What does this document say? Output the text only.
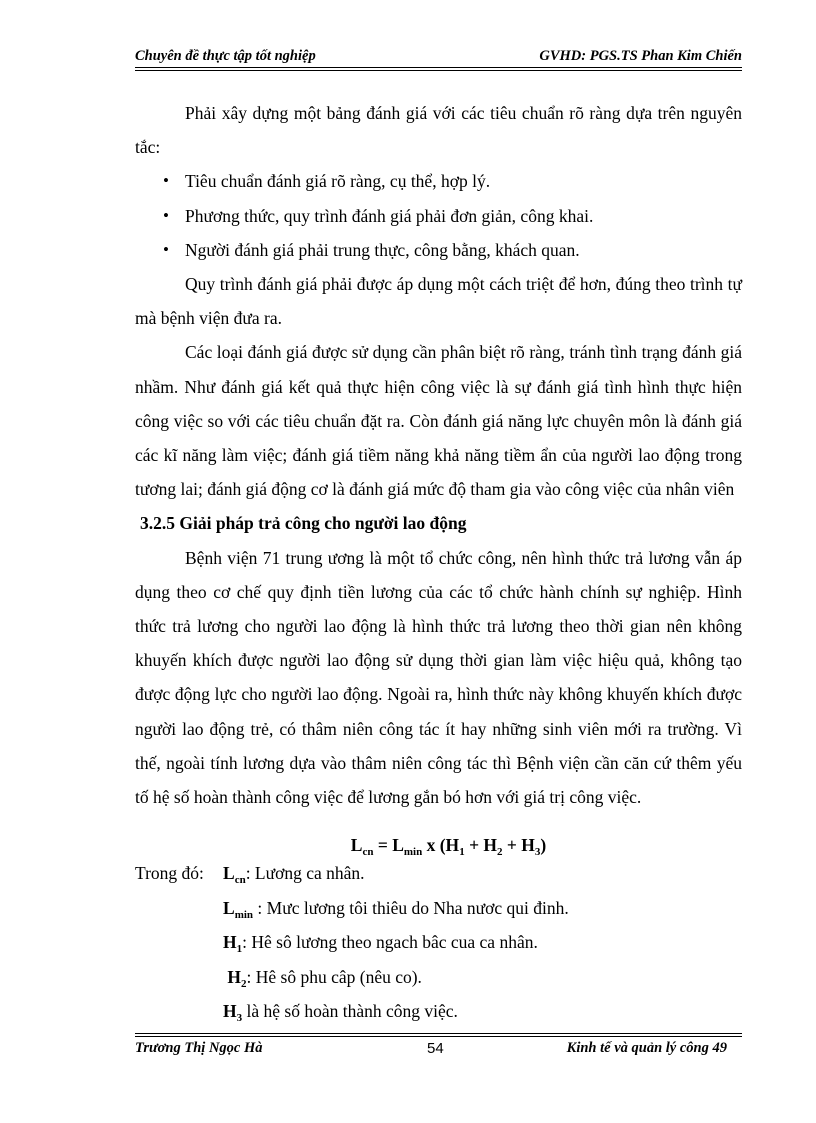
Chuyên đề thực tập tốt nghiệp	GVHD: PGS.TS Phan Kim Chiến

Phải xây dựng một bảng đánh giá với các tiêu chuẩn rõ ràng dựa trên nguyên tắc:

• Tiêu chuẩn đánh giá rõ ràng, cụ thể, hợp lý.
• Phương thức, quy trình đánh giá phải đơn giản, công khai.
• Người đánh giá phải trung thực, công bằng, khách quan.

Quy trình đánh giá phải được áp dụng một cách triệt để hơn, đúng theo trình tự mà bệnh viện đưa ra.

Các loại đánh giá được sử dụng cần phân biệt rõ ràng, tránh tình trạng đánh giá nhầm. Như đánh giá kết quả thực hiện công việc là sự đánh giá tình hình thực hiện công việc so với các tiêu chuẩn đặt ra. Còn đánh giá năng lực chuyên môn là đánh giá các kĩ năng làm việc; đánh giá tiềm năng khả năng tiềm ẩn của người lao động trong tương lai; đánh giá động cơ là đánh giá mức độ tham gia vào công việc của nhân viên

3.2.5 Giải pháp trả công cho người lao động

Bệnh viện 71 trung ương là một tổ chức công, nên hình thức trả lương vẫn áp dụng theo cơ chế quy định tiền lương của các tổ chức hành chính sự nghiệp. Hình thức trả lương cho người lao động là hình thức trả lương theo thời gian nên không khuyến khích được người lao động sử dụng thời gian làm việc hiệu quả, không tạo được động lực cho người lao động. Ngoài ra, hình thức này không khuyến khích được người lao động trẻ, có thâm niên công tác ít hay những sinh viên mới ra trường. Vì thế, ngoài tính lương dựa vào thâm niên công tác thì Bệnh viện cần căn cứ thêm yếu tố hệ số hoàn thành công việc để lương gắn bó hơn với giá trị công việc.

$L_{cn} = L_{min}$ x $(H_1 + H_2 + H_3)$
Trong $đó:L_{cn}$: Lương ca nhân.
$L_{min}$ : Mưc lương tôi thiêu do Nha nươc qui đinh.
$H_1$: Hê sô lương theo ngach bâc cua ca nhân.
$H_2$: Hê sô phu câp (nêu co).
$H_3$ là hệ số hoàn thành công việc.
Trương Thị Ngọc Hà	54	Kinh tế và quản lý công 49
